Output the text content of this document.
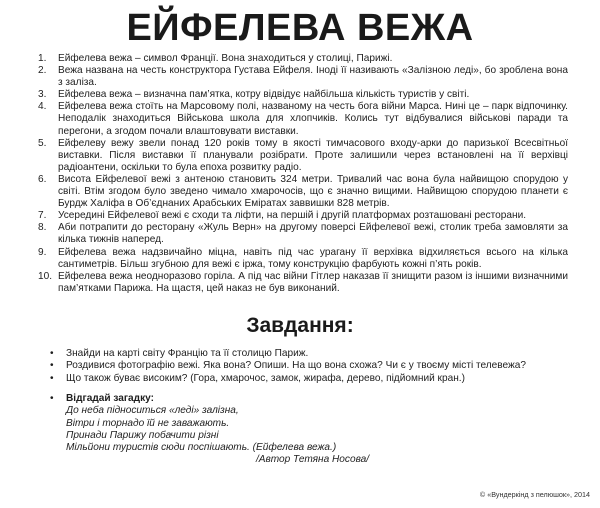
ЕЙФЕЛЕВА ВЕЖА
1.	Ейфелева вежа – символ Франції. Вона знаходиться у столиці, Парижі.
2.	Вежа названа на честь конструктора Густава Ейфеля. Іноді її називають «Залізною леді», бо зроблена вона з заліза.
3.	Ейфелева вежа – визначна пам’ятка, котру відвідує найбільша кількість туристів у світі.
4.	Ейфелева вежа стоїть на Марсовому полі, названому на честь бога війни Марса. Нині це – парк відпочинку. Неподалік знаходиться Військова школа для хлопчиків. Колись тут відбувалися військові паради та перегони, а згодом почали влаштовувати виставки.
5.	Ейфелеву вежу звели понад 120 років тому в якості тимчасового входу-арки до паризької Всесвітньої виставки. Після виставки її планували розібрати. Проте залишили через встановлені на її верхівці радіоантени, оскільки то була епоха розвитку радіо.
6.	Висота Ейфелевої вежі з антеною становить 324 метри. Тривалий час вона була найвищою спорудою у світі. Втім згодом було зведено чимало хмарочосів, що є значно вищими. Найвищою спорудою планети є Бурдж Халіфа в Об’єднаних Арабських Еміратах заввишки 828 метрів.
7.	Усередині Ейфелевої вежі є сходи та ліфти, на першій і другій платформах розташовані ресторани.
8.	Аби потрапити до ресторану «Жуль Верн» на другому поверсі Ейфелевої вежі, столик треба замовляти за кілька тижнів наперед.
9.	Ейфелева вежа надзвичайно міцна, навіть під час урагану її верхівка відхиляється всього на кілька сантиметрів. Більш згубною для вежі є іржа, тому конструкцію фарбують кожні п’ять років.
10. Ейфелева вежа неодноразово горіла. А під час війни Гітлер наказав її знищити разом із іншими визначними пам’ятками Парижа. На щастя, цей наказ не був виконаний.
Завдання:
• Знайди на карті світу Францію та її столицю Париж.
• Роздивися фотографію вежі. Яка вона? Опиши. На що вона схожа? Чи є у твоєму місті телевежа?
• Що також буває високим? (Гора, хмарочос, замок, жирафа, дерево, підйомний кран.)
• Відгадай загадку:
До неба підноситься «леді» залізна,
Вітри і торнадо їй не заважають.
Принади Парижу побачити різні
Мільйони туристів сюди поспішають. (Ейфелева вежа.)
/Автор Тетяна Носова/
© «Вундеркінд з пелюшок», 2014
